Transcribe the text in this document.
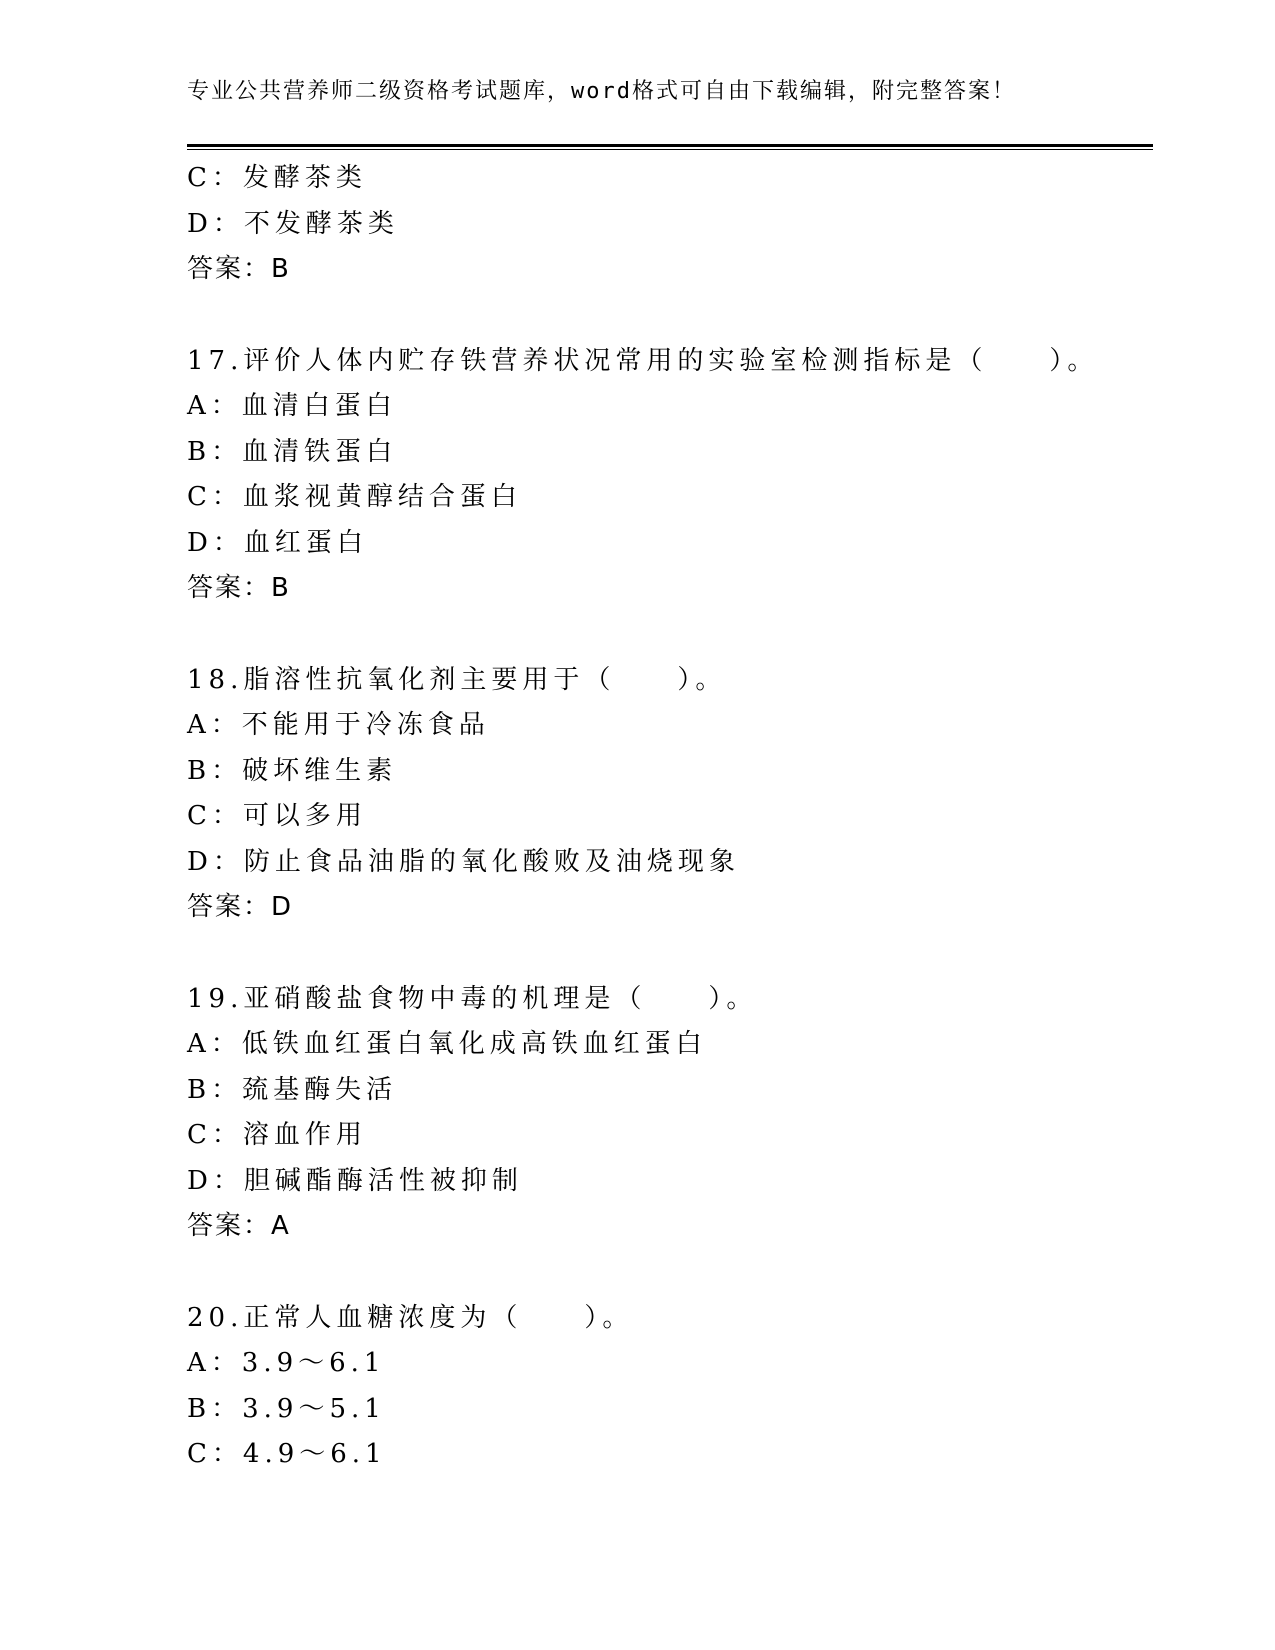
专业公共营养师二级资格考试题库，word格式可自由下载编辑，附完整答案！
C：发酵茶类
D：不发酵茶类
答案：B
17.评价人体内贮存铁营养状况常用的实验室检测指标是（　　）。
A：血清白蛋白
B：血清铁蛋白
C：血浆视黄醇结合蛋白
D：血红蛋白
答案：B
18.脂溶性抗氧化剂主要用于（　　）。
A：不能用于冷冻食品
B：破坏维生素
C：可以多用
D：防止食品油脂的氧化酸败及油烧现象
答案：D
19.亚硝酸盐食物中毒的机理是（　　）。
A：低铁血红蛋白氧化成高铁血红蛋白
B：巯基酶失活
C：溶血作用
D：胆碱酯酶活性被抑制
答案：A
20.正常人血糖浓度为（　　）。
A：3.9～6.1
B：3.9～5.1
C：4.9～6.1
